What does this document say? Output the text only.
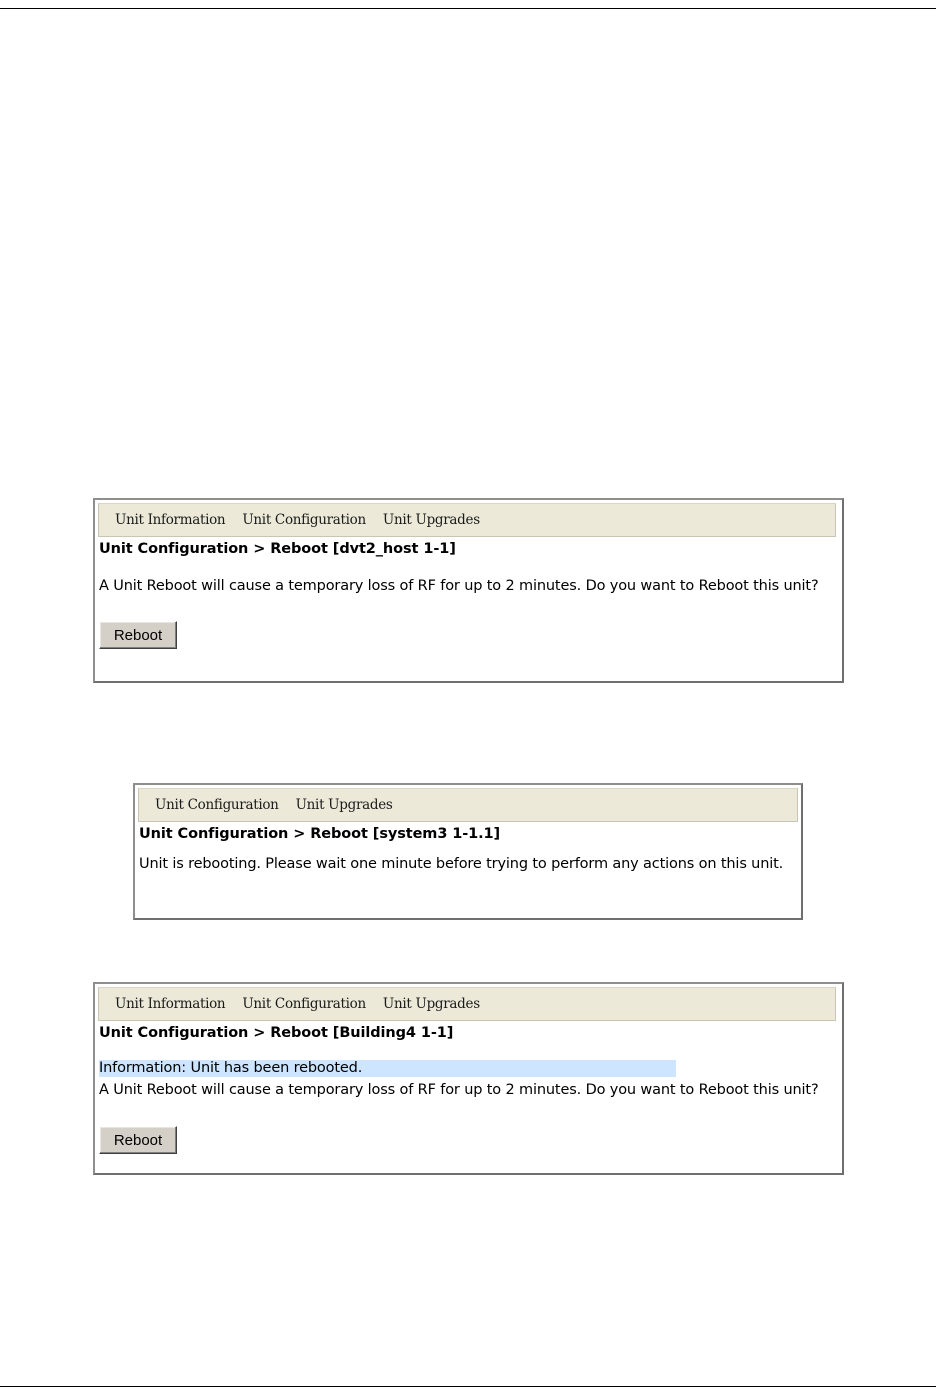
Unit Information Unit Configuration Unit Upgrades
Unit Configuration > Reboot [dvt2_host 1-1]
A Unit Reboot will cause a temporary loss of RF for up to 2 minutes. Do you want to Reboot this unit?
Reboot
Unit Configuration Unit Upgrades
Unit Configuration > Reboot [system3 1-1.1]
Unit is rebooting. Please wait one minute before trying to perform any actions on this unit.
Unit Information Unit Configuration Unit Upgrades
Unit Configuration > Reboot [Building4 1-1]
Information: Unit has been rebooted.
A Unit Reboot will cause a temporary loss of RF for up to 2 minutes. Do you want to Reboot this unit?
Reboot
